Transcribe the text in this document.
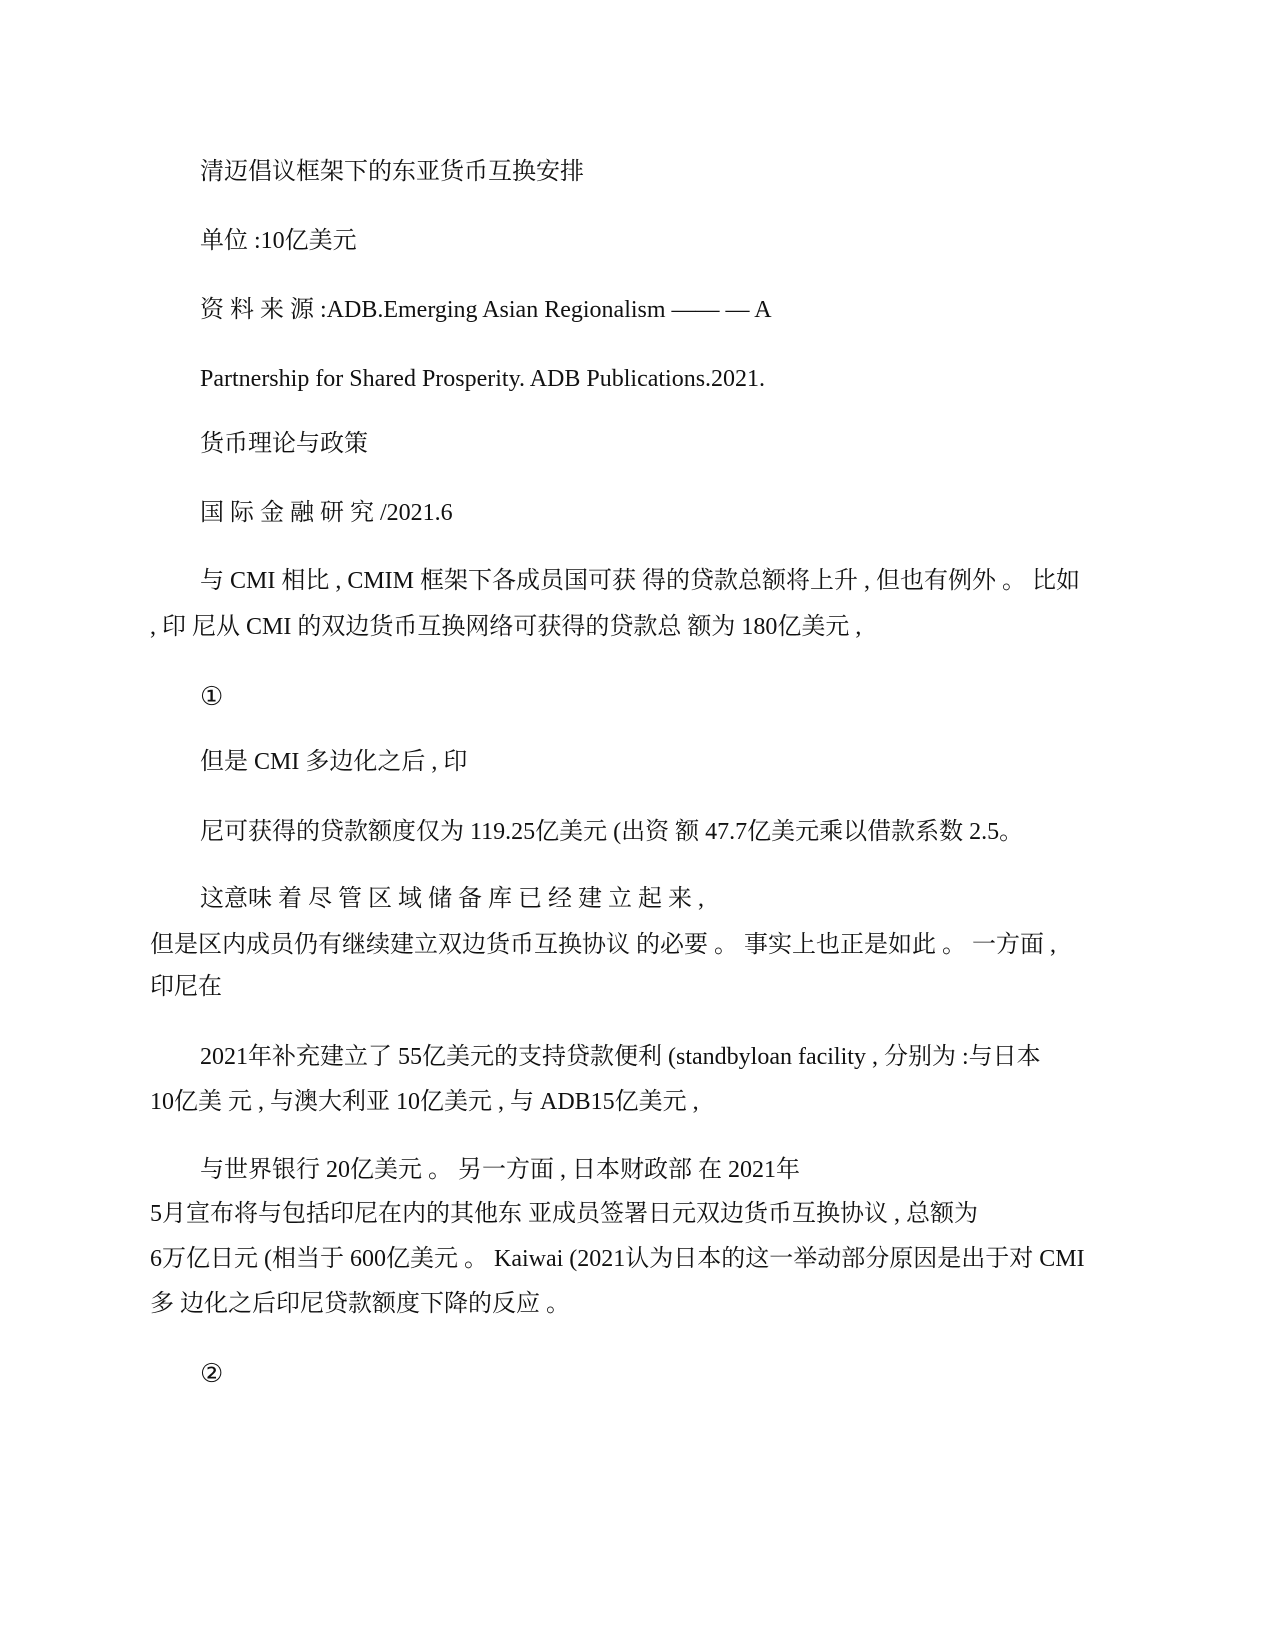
清迈倡议框架下的东亚货币互换安排

单位 :10亿美元

资 料 来 源 :ADB.Emerging Asian Regionalism —— — A

Partnership for Shared Prosperity. ADB Publications.2021.

货币理论与政策

国 际 金 融 研 究 /2021.6

与 CMI 相比 , CMIM 框架下各成员国可获 得的贷款总额将上升 , 但也有例外 。 比如

, 印 尼从 CMI 的双边货币互换网络可获得的贷款总 额为 180亿美元 ,

①

但是 CMI 多边化之后 , 印

尼可获得的贷款额度仅为 119.25亿美元 (出资 额 47.7亿美元乘以借款系数 2.5。

这意味 着 尽 管 区 域 储 备 库 已 经 建 立 起 来 ,

但是区内成员仍有继续建立双边货币互换协议 的必要 。 事实上也正是如此 。 一方面 ,

印尼在

2021年补充建立了 55亿美元的支持贷款便利 (standbyloan facility , 分别为 :与日本

10亿美 元 , 与澳大利亚 10亿美元 , 与 ADB15亿美元 ,

与世界银行 20亿美元 。 另一方面 , 日本财政部 在 2021年

5月宣布将与包括印尼在内的其他东 亚成员签署日元双边货币互换协议 , 总额为

6万亿日元 (相当于 600亿美元 。 Kaiwai (2021认为日本的这一举动部分原因是出于对 CMI

多 边化之后印尼贷款额度下降的反应 。

②
